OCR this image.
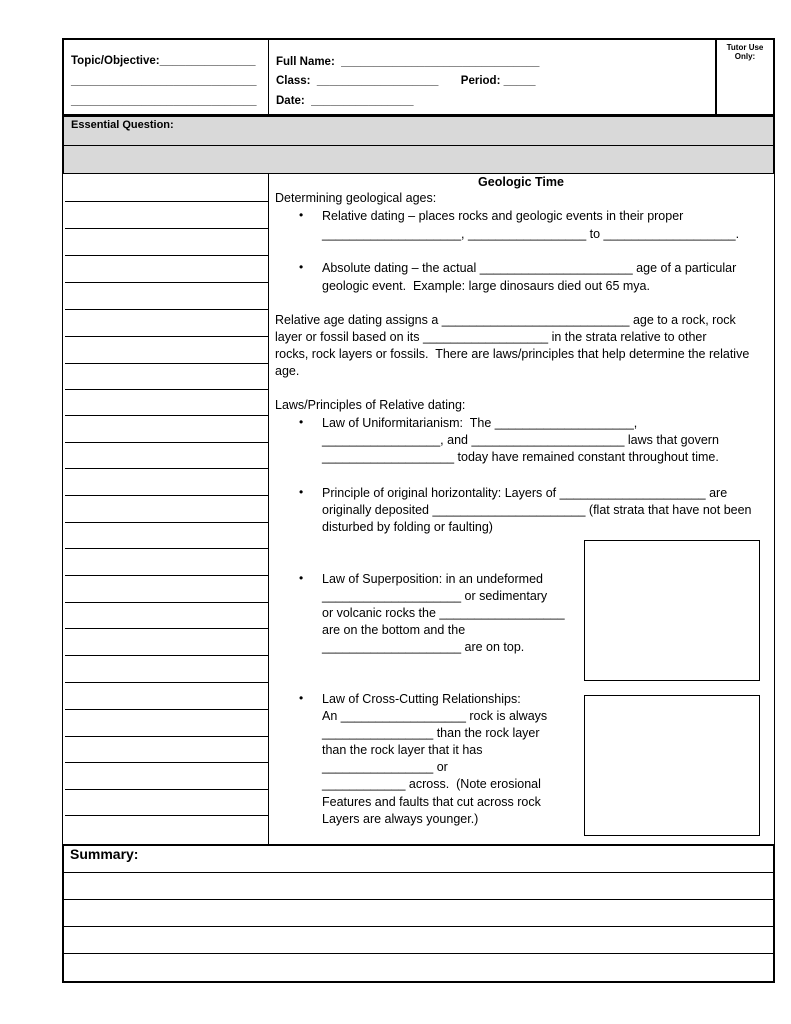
Topic/Objective:_______________
_____________________________
_____________________________
Full Name:  _______________________________
Class:  ___________________       Period: _____
Date:  ________________
Tutor Use Only:
Essential Question:
Geologic Time
Determining geological ages:
• Relative dating – places rocks and geologic events in their proper
____________________, _________________ to ___________________.
• Absolute dating – the actual ______________________ age of a particular
geologic event.  Example: large dinosaurs died out 65 mya.
Relative age dating assigns a ___________________________ age to a rock, rock
layer or fossil based on its __________________ in the strata relative to other
rocks, rock layers or fossils.  There are laws/principles that help determine the relative
age.
Laws/Principles of Relative dating:
• Law of Uniformitarianism:  The ____________________,
_________________, and ______________________ laws that govern
___________________ today have remained constant throughout time.
• Principle of original horizontality: Layers of _____________________ are
originally deposited ______________________ (flat strata that have not been
disturbed by folding or faulting)
• Law of Superposition: in an undeformed
____________________ or sedimentary
or volcanic rocks the __________________
are on the bottom and the
____________________ are on top.
• Law of Cross-Cutting Relationships:
An __________________ rock is always
________________ than the rock layer
than the rock layer that it has
________________ or
____________ across.  (Note erosional
Features and faults that cut across rock
Layers are always younger.)
Summary:
